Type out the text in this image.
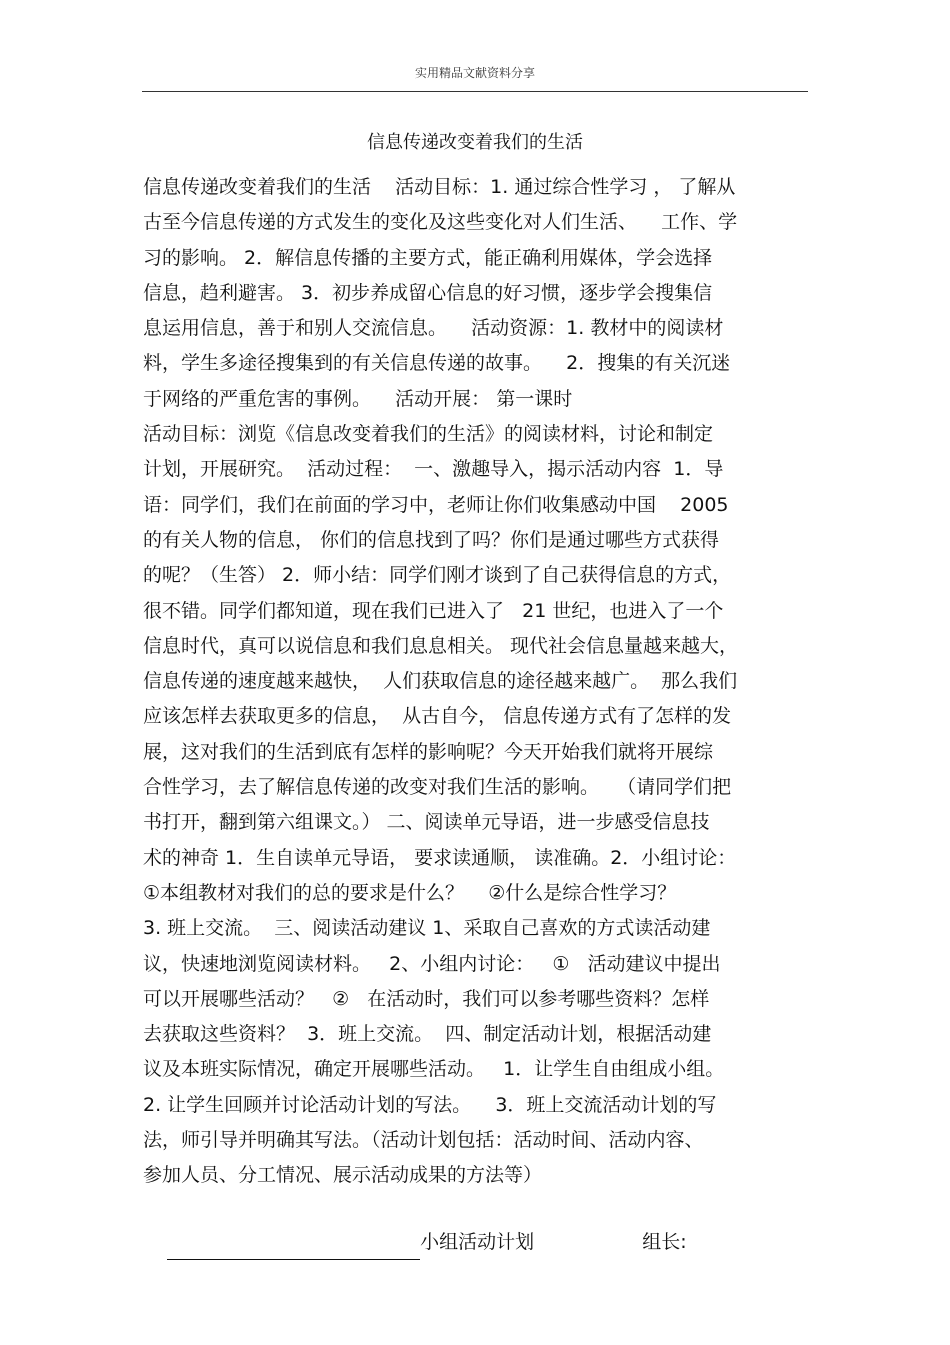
实用精品文献资料分享
信息传递改变着我们的生活
信息传递改变着我们的生活    活动目标：1. 通过综合性学习 ， 了解从
古至今信息传递的方式发生的变化及这些变化对人们生活、    工作、学
习的影响。 2．解信息传播的主要方式，能正确利用媒体，学会选择
信息，趋利避害。 3．初步养成留心信息的好习惯，逐步学会搜集信
息运用信息，善于和别人交流信息。    活动资源：1. 教材中的阅读材
料，学生多途径搜集到的有关信息传递的故事。    2．搜集的有关沉迷
于网络的严重危害的事例。    活动开展： 第一课时
活动目标：浏览《信息改变着我们的生活》的阅读材料，讨论和制定
计划，开展研究。  活动过程：  一、激趣导入，揭示活动内容  1．导
语：同学们，我们在前面的学习中，老师让你们收集感动中国    2005
的有关人物的信息， 你们的信息找到了吗？你们是通过哪些方式获得
的呢？（生答） 2．师小结：同学们刚才谈到了自己获得信息的方式，
很不错。同学们都知道，现在我们已进入了   21 世纪，也进入了一个
信息时代，真可以说信息和我们息息相关。 现代社会信息量越来越大，
信息传递的速度越来越快，  人们获取信息的途径越来越广。  那么我们
应该怎样去获取更多的信息，  从古自今， 信息传递方式有了怎样的发
展，这对我们的生活到底有怎样的影响呢？今天开始我们就将开展综
合性学习，去了解信息传递的改变对我们生活的影响。   （请同学们把
书打开，翻到第六组课文。） 二、阅读单元导语，进一步感受信息技
术的神奇 1．生自读单元导语， 要求读通顺， 读准确。2．小组讨论：
①本组教材对我们的总的要求是什么？    ②什么是综合性学习？
3. 班上交流。  三、阅读活动建议 1、采取自己喜欢的方式读活动建
议，快速地浏览阅读材料。   2、小组内讨论：   ①   活动建议中提出
可以开展哪些活动？   ②   在活动时，我们可以参考哪些资料？怎样
去获取这些资料？  3．班上交流。  四、制定活动计划，根据活动建
议及本班实际情况，确定开展哪些活动。   1．让学生自由组成小组。
2. 让学生回顾并讨论活动计划的写法。    3．班上交流活动计划的写
法，师引导并明确其写法。（活动计划包括：活动时间、活动内容、
参加人员、分工情况、展示活动成果的方法等）

小组活动计划	组长:
